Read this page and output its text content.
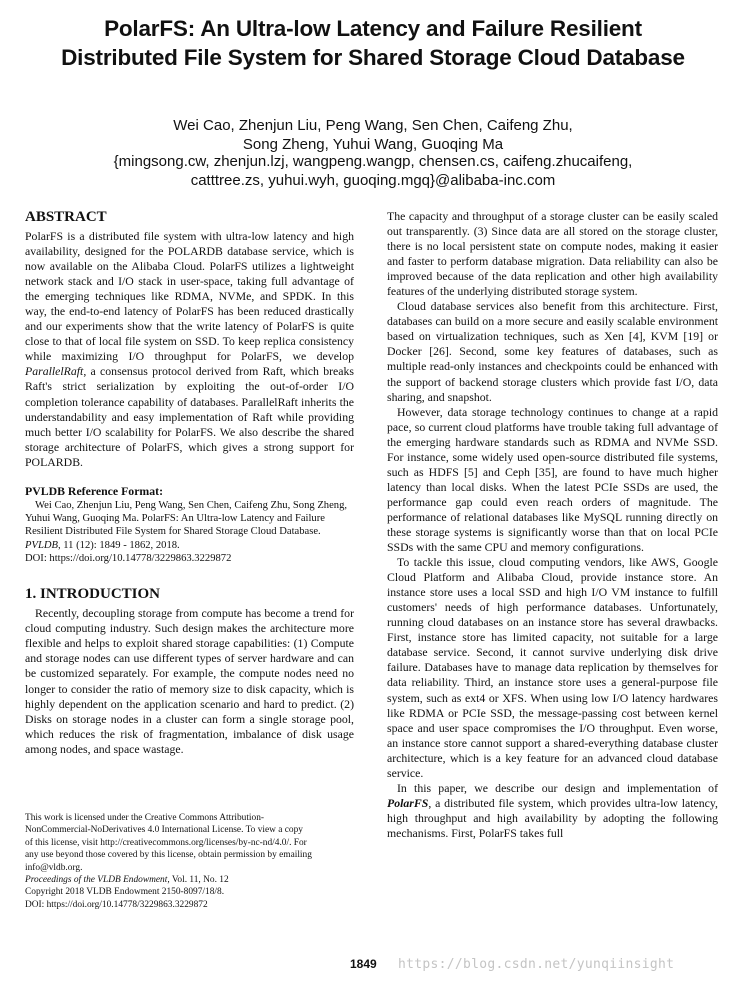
PolarFS: An Ultra-low Latency and Failure Resilient
Distributed File System for Shared Storage Cloud Database
Wei Cao, Zhenjun Liu, Peng Wang, Sen Chen, Caifeng Zhu,
Song Zheng, Yuhui Wang, Guoqing Ma
{mingsong.cw, zhenjun.lzj, wangpeng.wangp, chensen.cs, caifeng.zhucaifeng,
catttree.zs, yuhui.wyh, guoqing.mgq}@alibaba-inc.com
ABSTRACT

PolarFS is a distributed file system with ultra-low latency and high availability, designed for the POLARDB database service, which is now available on the Alibaba Cloud. PolarFS utilizes a lightweight network stack and I/O stack in user-space, taking full advantage of the emerging techniques like RDMA, NVMe, and SPDK. In this way, the end-to-end latency of PolarFS has been reduced drastically and our experiments show that the write latency of PolarFS is quite close to that of local file system on SSD. To keep replica consistency while maximizing I/O throughput for PolarFS, we develop ParallelRaft, a consensus protocol derived from Raft, which breaks Raft's strict serialization by exploiting the out-of-order I/O completion tolerance capability of databases. ParallelRaft inherits the understandability and easy implementation of Raft while providing much better I/O scalability for PolarFS. We also describe the shared storage architecture of PolarFS, which gives a strong support for POLARDB.

PVLDB Reference Format:

Wei Cao, Zhenjun Liu, Peng Wang, Sen Chen, Caifeng Zhu, Song Zheng, Yuhui Wang, Guoqing Ma. PolarFS: An Ultra-low Latency and Failure Resilient Distributed File System for Shared Storage Cloud Database. PVLDB, 11 (12): 1849 - 1862, 2018.
DOI: https://doi.org/10.14778/3229863.3229872

1. INTRODUCTION

Recently, decoupling storage from compute has become a trend for cloud computing industry. Such design makes the architecture more flexible and helps to exploit shared storage capabilities: (1) Compute and storage nodes can use different types of server hardware and can be customized separately. For example, the compute nodes need no longer to consider the ratio of memory size to disk capacity, which is highly dependent on the application scenario and hard to predict. (2) Disks on storage nodes in a cluster can form a single storage pool, which reduces the risk of fragmentation, imbalance of disk usage among nodes, and space wastage.

The capacity and throughput of a storage cluster can be easily scaled out transparently. (3) Since data are all stored on the storage cluster, there is no local persistent state on compute nodes, making it easier and faster to perform database migration. Data reliability can also be improved because of the data replication and other high availability features of the underlying distributed storage system.

Cloud database services also benefit from this architecture. First, databases can build on a more secure and easily scalable environment based on virtualization techniques, such as Xen [4], KVM [19] or Docker [26]. Second, some key features of databases, such as multiple read-only instances and checkpoints could be enhanced with the support of backend storage clusters which provide fast I/O, data sharing, and snapshot.

However, data storage technology continues to change at a rapid pace, so current cloud platforms have trouble taking full advantage of the emerging hardware standards such as RDMA and NVMe SSD. For instance, some widely used open-source distributed file systems, such as HDFS [5] and Ceph [35], are found to have much higher latency than local disks. When the latest PCIe SSDs are used, the performance gap could even reach orders of magnitude. The performance of relational databases like MySQL running directly on these storage systems is significantly worse than that on local PCIe SSDs with the same CPU and memory configurations.

To tackle this issue, cloud computing vendors, like AWS, Google Cloud Platform and Alibaba Cloud, provide instance store. An instance store uses a local SSD and high I/O VM instance to fulfill customers' needs of high performance databases. Unfortunately, running cloud databases on an instance store has several drawbacks. First, instance store has limited capacity, not suitable for a large database service. Second, it cannot survive underlying disk drive failure. Databases have to manage data replication by themselves for data reliability. Third, an instance store uses a general-purpose file system, such as ext4 or XFS. When using low I/O latency hardwares like RDMA or PCIe SSD, the message-passing cost between kernel space and user space compromises the I/O throughput. Even worse, an instance store cannot support a shared-everything database cluster architecture, which is a key feature for an advanced cloud database service.

In this paper, we describe our design and implementation of PolarFS, a distributed file system, which provides ultra-low latency, high throughput and high availability by adopting the following mechanisms. First, PolarFS takes full

This work is licensed under the Creative Commons Attribution-
NonCommercial-NoDerivatives 4.0 International License. To view a copy
of this license, visit http://creativecommons.org/licenses/by-nc-nd/4.0/. For
any use beyond those covered by this license, obtain permission by emailing
info@vldb.org.
Proceedings of the VLDB Endowment, Vol. 11, No. 12
Copyright 2018 VLDB Endowment 2150-8097/18/8.
DOI: https://doi.org/10.14778/3229863.3229872
1849 https://blog.csdn.net/yunqiinsight
